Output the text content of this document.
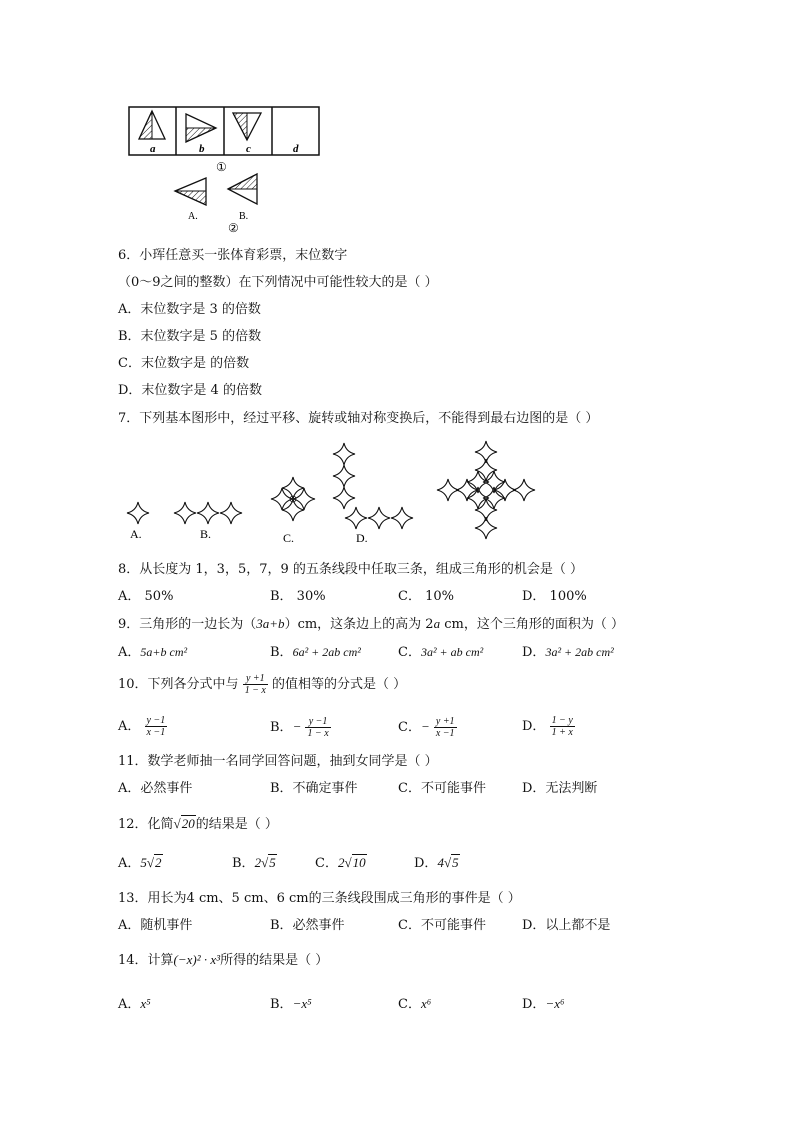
a	b	c	d
①
A.	B.
②
6．小珲任意买一张体育彩票，末位数字
（0～9之间的整数）在下列情况中可能性较大的是（ ）
A．末位数字是 3 的倍数
B．末位数字是 5 的倍数
C．末位数字是 的倍数
D．末位数字是 4 的倍数
7．下列基本图形中，经过平移、旋转或轴对称变换后，不能得到最右边图的是（ ）
A.	B.	C.	D.
8．从长度为 1，3，5，7，9 的五条线段中任取三条，组成三角形的机会是（ ）
A． 50%	B． 30%	C． 10%	D． 100%
9．三角形的一边长为（3a+b）cm，这条边上的高为 2a cm，这个三角形的面积为（ ）
A．5a+b cm²	B．6a² + 2ab cm²	C．3a² + ab cm²	D．3a² + 2ab cm²
10．下列各分式中与 $\frac{y +1}{1 - x}$ 的值相等的分式是（ ）
A． $\frac{y -1}{x -1}$	B．− $\frac{y -1}{1 - x}$	C．− $\frac{y +1}{x -1}$	D． $\frac{1 - y}{1 + x}$
11．数学老师抽一名同学回答问题，抽到女同学是（ ）
A．必然事件	B．不确定事件	C．不可能事件	D．无法判断
12．化简√20的结果是（ ）
A．5√2	B．2√5	C．2√10	D．4√5
13．用长为4 cm、5 cm、6 cm的三条线段围成三角形的事件是（ ）
A．随机事件	B．必然事件	C．不可能事件	D．以上都不是
14．计算(−x)² · x³所得的结果是（ ）
A．x⁵	B．−x⁵	C．x⁶	D．−x⁶
